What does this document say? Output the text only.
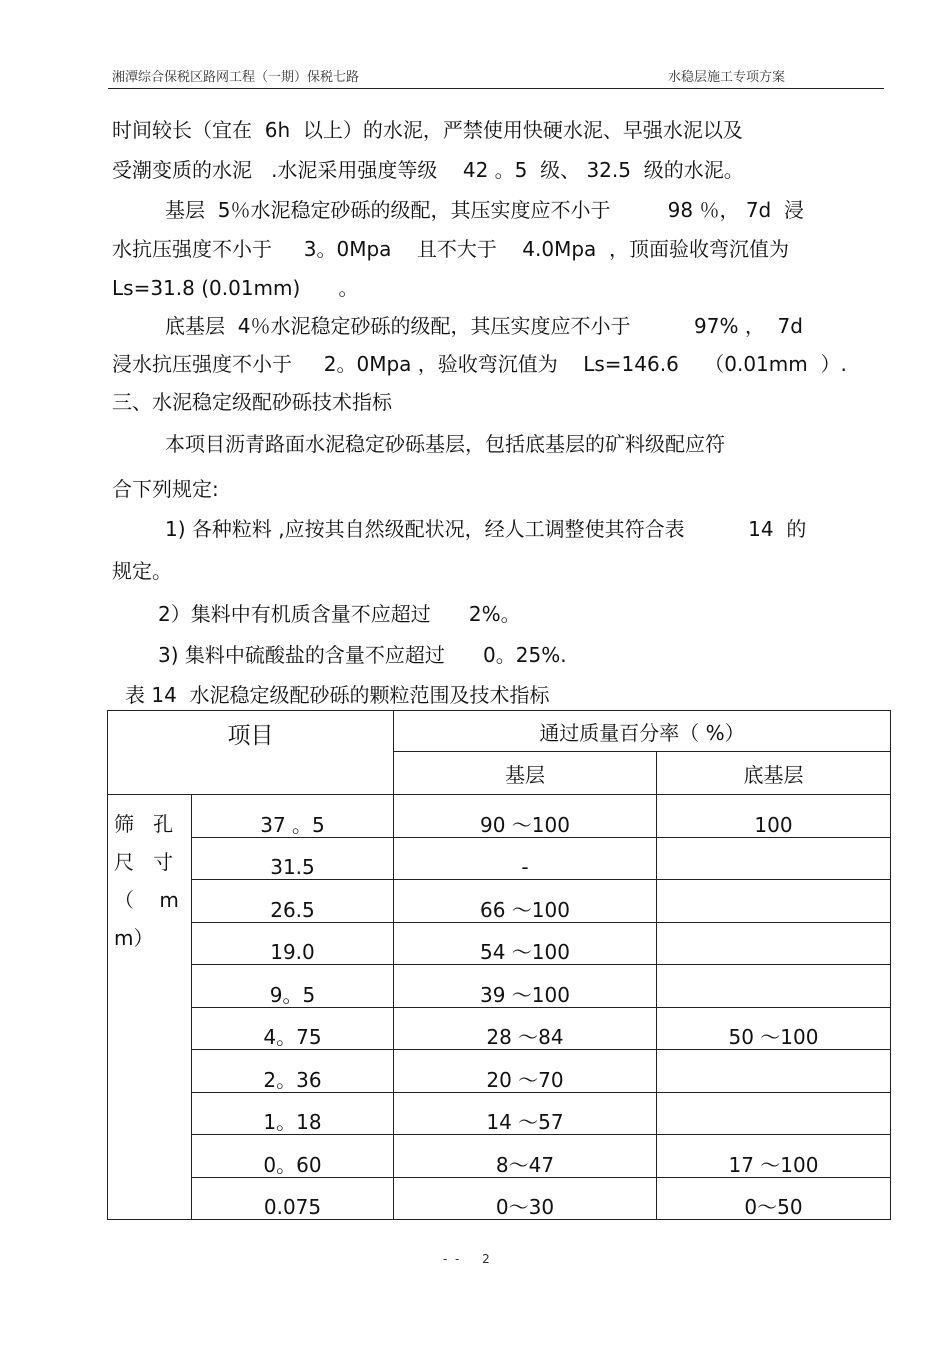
湘潭综合保税区路网工程（一期）保税七路	水稳层施工专项方案
时间较长（宜在  6h  以上）的水泥，严禁使用快硬水泥、早强水泥以及
受潮变质的水泥   .水泥采用强度等级    42 。5  级、 32.5  级的水泥。
基层  5％水泥稳定砂砾的级配，其压实度应不小于         98 ％， 7d  浸
水抗压强度不小于     3。0Mpa    且不大于    4.0Mpa  ，顶面验收弯沉值为
Ls=31.8 (0.01mm)      。
底基层  4％水泥稳定砂砾的级配，其压实度应不小于          97% ，  7d
浸水抗压强度不小于     2。0Mpa ，验收弯沉值为    Ls=146.6    （0.01mm  ）.
三、水泥稳定级配砂砾技术指标
本项目沥青路面水泥稳定砂砾基层，包括底基层的矿料级配应符
合下列规定:
1) 各种粒料 ,应按其自然级配状况，经人工调整使其符合表          14  的
规定。
2）集料中有机质含量不应超过      2%。
3) 集料中硫酸盐的含量不应超过      0。25%.
表 14  水泥稳定级配砂砾的颗粒范围及技术指标
项目		通过质量百分率（ %）	
		基层	底基层

筛   孔
尺   寸
（    m
m）	37 。5	90 ～100	100
	31.5	-	
	26.5	66 ～100	
	19.0	54 ～100	
	9。5	39 ～100	
	4。75	28 ～84	50 ～100
	2。36	20 ～70	
	1。18	14 ～57	
	0。60	8～47	17 ～100
	0.075	0～30	0～50
-  -      2
